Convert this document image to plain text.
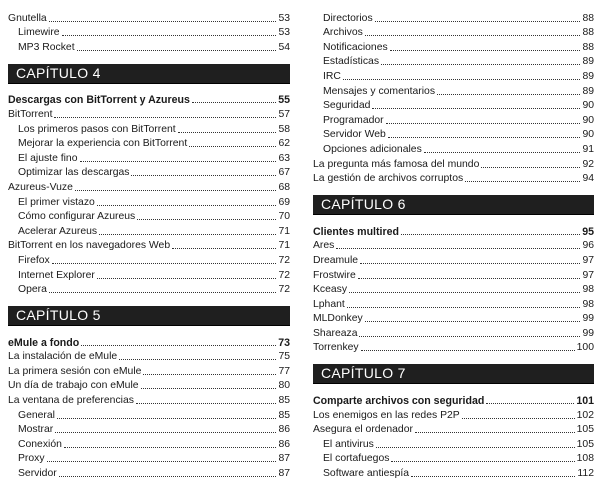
Gnutella	53
Limewire	53
MP3 Rocket	54
CAPÍTULO 4
Descargas con BitTorrent y Azureus	55
BitTorrent	57
Los primeros pasos con BitTorrent	58
Mejorar la experiencia con BitTorrent	62
El ajuste fino	63
Optimizar las descargas	67
Azureus-Vuze	68
El primer vistazo	69
Cómo configurar Azureus	70
Acelerar Azureus	71
BitTorrent en los navegadores Web	71
Firefox	72
Internet Explorer	72
Opera	72
CAPÍTULO 5
eMule a fondo	73
La instalación de eMule	75
La primera sesión con eMule	77
Un día de trabajo con eMule	80
La ventana de preferencias	85
General	85
Mostrar	86
Conexión	86
Proxy	87
Servidor	87
Directorios	88
Archivos	88
Notificaciones	88
Estadísticas	89
IRC	89
Mensajes y comentarios	89
Seguridad	90
Programador	90
Servidor Web	90
Opciones adicionales	91
La pregunta más famosa del mundo	92
La gestión de archivos corruptos	94
CAPÍTULO 6
Clientes multired	95
Ares	96
Dreamule	97
Frostwire	97
Kceasy	98
Lphant	98
MLDonkey	99
Shareaza	99
Torrenkey	100
CAPÍTULO 7
Comparte archivos con seguridad	101
Los enemigos en las redes P2P	102
Asegura el ordenador	105
El antivirus	105
El cortafuegos	108
Software antiespía	112
